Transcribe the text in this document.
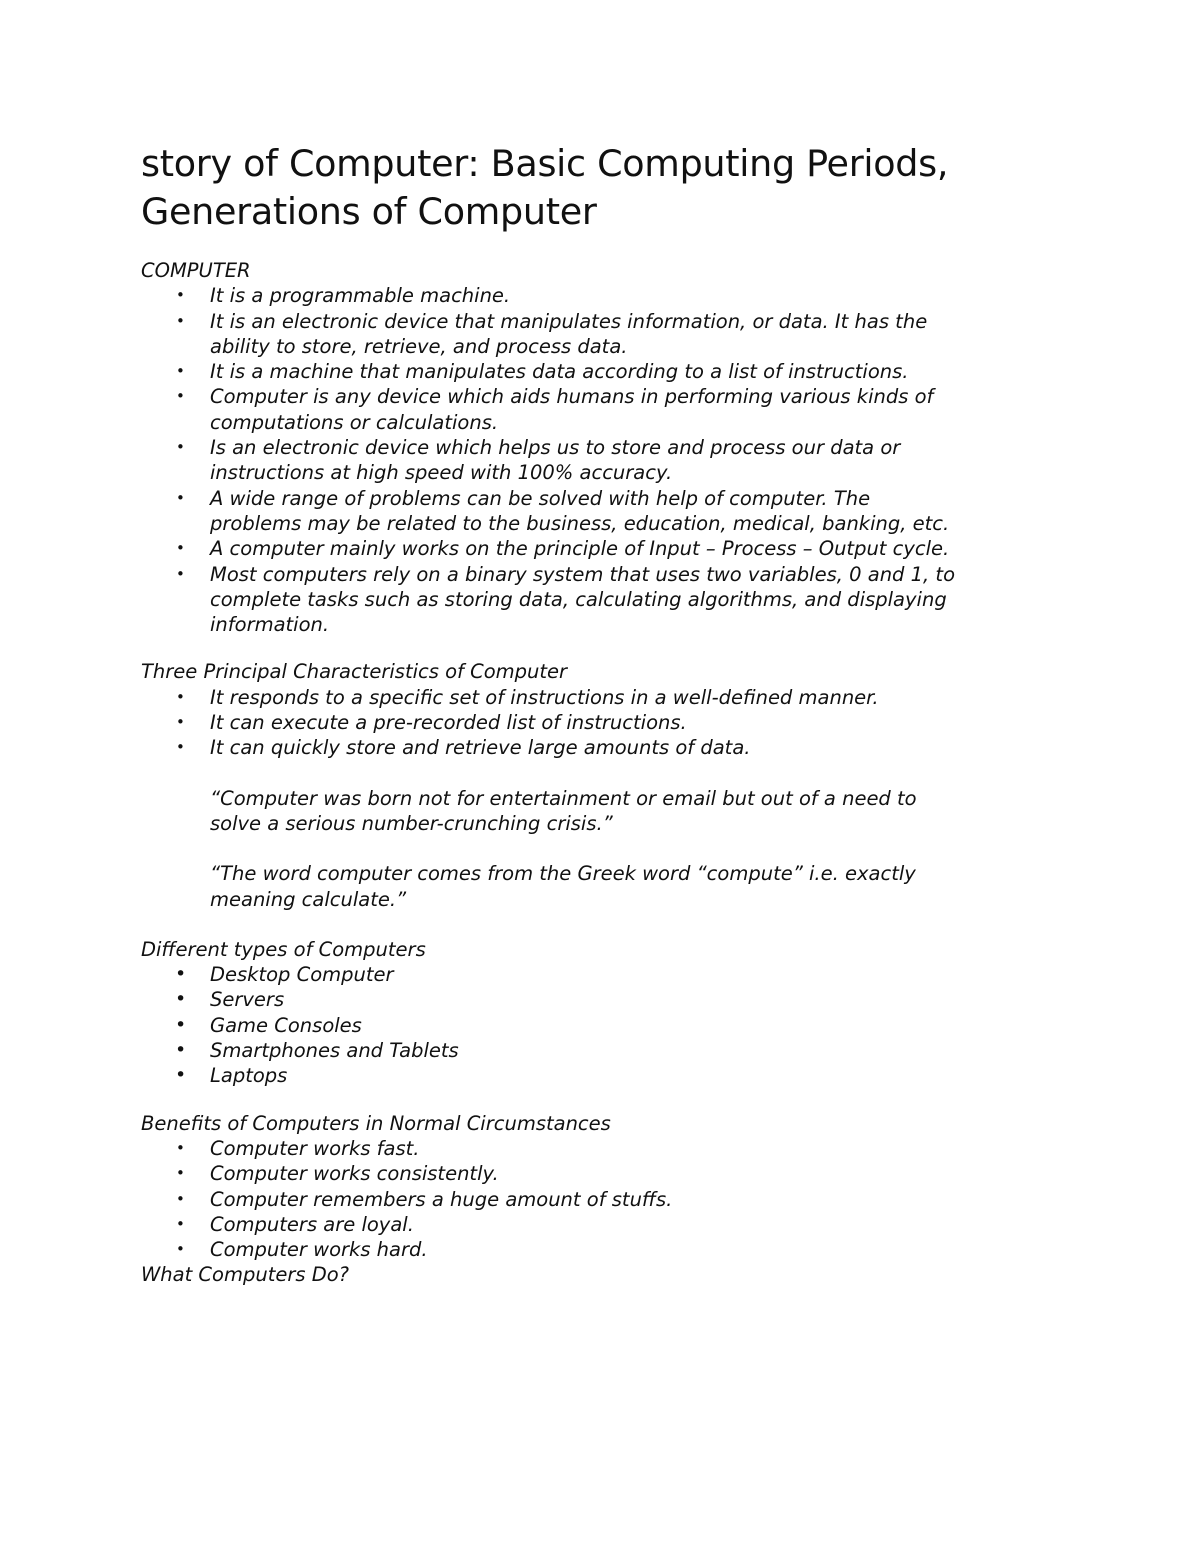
story of Computer: Basic Computing Periods, Generations of Computer

COMPUTER

• It is a programmable machine.
• It is an electronic device that manipulates information, or data. It has the ability to store, retrieve, and process data.
• It is a machine that manipulates data according to a list of instructions.
• Computer is any device which aids humans in performing various kinds of computations or calculations.
• Is an electronic device which helps us to store and process our data or instructions at high speed with 100% accuracy.
• A wide range of problems can be solved with help of computer. The problems may be related to the business, education, medical, banking, etc.
• A computer mainly works on the principle of Input – Process – Output cycle.
• Most computers rely on a binary system that uses two variables, 0 and 1, to complete tasks such as storing data, calculating algorithms, and displaying information.

Three Principal Characteristics of Computer

• It responds to a specific set of instructions in a well-defined manner.
• It can execute a pre-recorded list of instructions.
• It can quickly store and retrieve large amounts of data.

“Computer was born not for entertainment or email but out of a need to solve a serious number-crunching crisis.”

“The word computer comes from the Greek word “compute” i.e. exactly meaning calculate.”

Different types of Computers

• Desktop Computer
• Servers
• Game Consoles
• Smartphones and Tablets
• Laptops

Benefits of Computers in Normal Circumstances

• Computer works fast.
• Computer works consistently.
• Computer remembers a huge amount of stuffs.
• Computers are loyal.
• Computer works hard.

What Computers Do?
